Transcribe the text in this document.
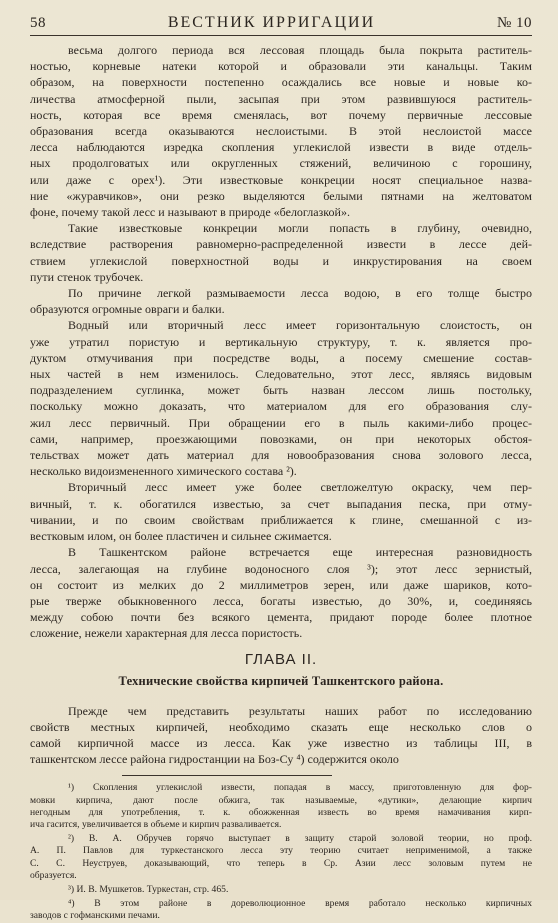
58	ВЕСТНИК ИРРИГАЦИИ	№ 10
весьма долгого периода вся лессовая площадь была покрыта раститель-
ностью, корневые натеки которой и образовали эти канальцы. Таким
образом, на поверхности постепенно осаждались все новые и новые ко-
личества атмосферной пыли, засыпая при этом развившуюся раститель-
ность, которая все время сменялась, вот почему первичные лессовые
образования всегда оказываются неслоистыми. В этой неслоистой массе
лесса наблюдаются изредка скопления углекислой извести в виде отдель-
ных продолговатых или округленных стяжений, величиною с горошину,
или даже с орех¹). Эти известковые конкреции носят специальное назва-
ние «журавчиков», они резко выделяются белыми пятнами на желтоватом
фоне, почему такой лесс и называют в природе «белоглазкой».
Такие известковые конкреции могли попасть в глубину, очевидно,
вследствие растворения равномерно-распределенной извести в лессе дей-
ствием углекислой поверхностной воды и инкрустирования на своем
пути стенок трубочек.
По причине легкой размываемости лесса водою, в его толще быстро
образуются огромные овраги и балки.
Водный или вторичный лесс имеет горизонтальную слоистость, он
уже утратил пористую и вертикальную структуру, т. к. является про-
дуктом отмучивания при посредстве воды, а посему смешение состав-
ных частей в нем изменилось. Следовательно, этот лесс, являясь видовым
подразделением суглинка, может быть назван лессом лишь постольку,
поскольку можно доказать, что материалом для его образования слу-
жил лесс первичный. При обращении его в пыль какими-либо процес-
сами, например, проезжающими повозками, он при некоторых обстоя-
тельствах может дать материал для новообразования снова золового лесса,
несколько видоизмененного химического состава ²).
Вторичный лесс имеет уже более светложелтую окраску, чем пер-
вичный, т. к. обогатился известью, за счет выпадания песка, при отму-
чивании, и по своим свойствам приближается к глине, смешанной с из-
вестковым илом, он более пластичен и сильнее сжимается.
В Ташкентском районе встречается еще интересная разновидность
лесса, залегающая на глубине водоносного слоя ³); этот лесс зернистый,
он состоит из мелких до 2 миллиметров зерен, или даже шариков, кото-
рые тверже обыкновенного лесса, богаты известью, до 30%, и, соединяясь
между собою почти без всякого цемента, придают породе более плотное
сложение, нежели характерная для лесса пористость.
ГЛАВА II.
Технические свойства кирпичей Ташкентского района.
Прежде чем представить результаты наших работ по исследованию
свойств местных кирпичей, необходимо сказать еще несколько слов о
самой кирпичной массе из лесса. Как уже известно из таблицы III, в
ташкентском лессе района гидростанции на Боз-Су ⁴) содержится около
¹) Скопления углекислой извести, попадая в массу, приготовленную для фор-
мовки кирпича, дают после обжига, так называемые, «дутики», делающие кирпич
негодным для употребления, т. к. обожженная известь во время намачивания кирп-
ича гасится, увеличивается в объеме и кирпич разваливается.
²) В. А. Обручев горячо выступает в защиту старой золовой теории, но проф.
А. П. Павлов для туркестанского лесса эту теорию считает неприменимой, а также
С. С. Неуструев, доказывающий, что теперь в Ср. Азии лесс золовым путем не
образуется.
³) И. В. Мушкетов. Туркестан, стр. 465.
⁴) В этом районе в дореволюционное время работало несколько кирпичных
заводов с гофманскими печами.
